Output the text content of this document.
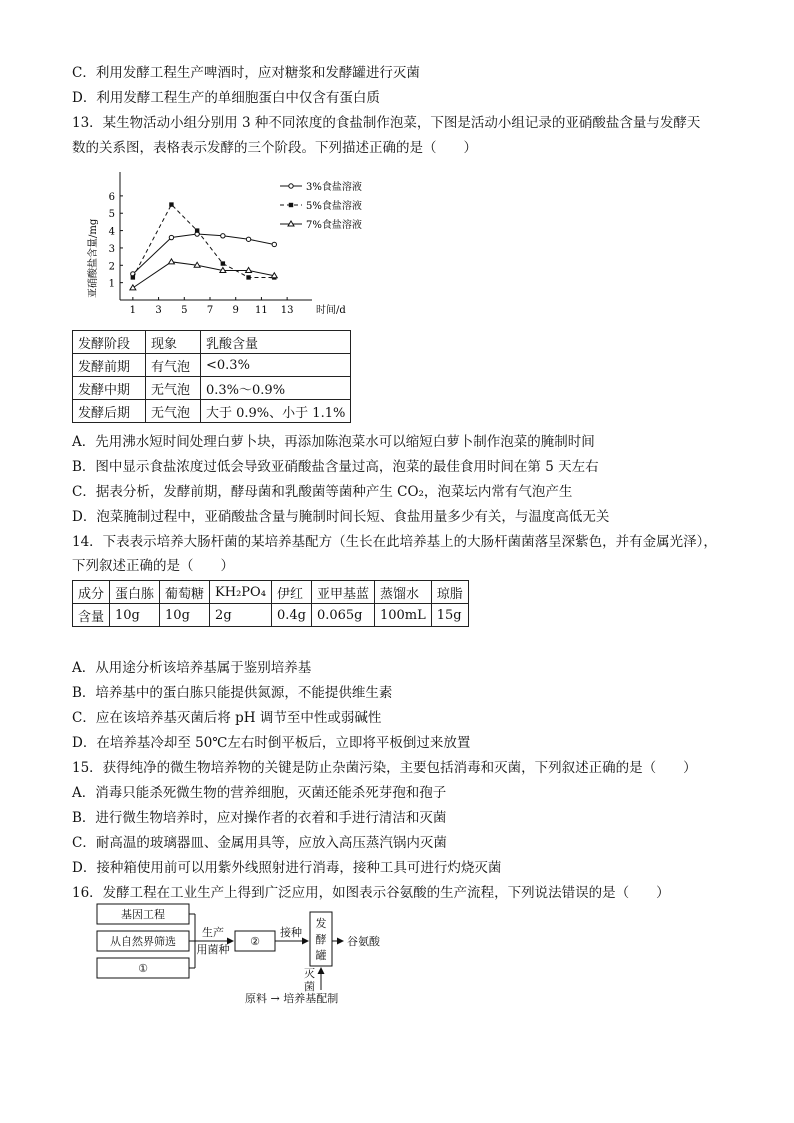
C．利用发酵工程生产啤酒时，应对糖浆和发酵罐进行灭菌
D．利用发酵工程生产的单细胞蛋白中仅含有蛋白质
13．某生物活动小组分别用 3 种不同浓度的食盐制作泡菜，下图是活动小组记录的亚硝酸盐含量与发酵天
数的关系图，表格表示发酵的三个阶段。下列描述正确的是（　　）
1 3 5 7 9 11 13
1
2
3
4
5
6
时间/d
亚硝酸盐含量/mg
3%食盐溶液
5%食盐溶液
7%食盐溶液
发酵阶段	现象	乳酸含量
发酵前期	有气泡	<0.3%
发酵中期	无气泡	0.3%～0.9%
发酵后期	无气泡	大于 0.9%、小于 1.1%
A．先用沸水短时间处理白萝卜块，再添加陈泡菜水可以缩短白萝卜制作泡菜的腌制时间
B．图中显示食盐浓度过低会导致亚硝酸盐含量过高，泡菜的最佳食用时间在第 5 天左右
C．据表分析，发酵前期，酵母菌和乳酸菌等菌种产生 CO₂，泡菜坛内常有气泡产生
D．泡菜腌制过程中，亚硝酸盐含量与腌制时间长短、食盐用量多少有关，与温度高低无关
14．下表表示培养大肠杆菌的某培养基配方（生长在此培养基上的大肠杆菌菌落呈深紫色，并有金属光泽），
下列叙述正确的是（　　）
成分	蛋白胨	葡萄糖	KH₂PO₄	伊红	亚甲基蓝	蒸馏水	琼脂
含量	10g	10g	2g	0.4g	0.065g	100mL	15g
A．从用途分析该培养基属于鉴别培养基
B．培养基中的蛋白胨只能提供氮源，不能提供维生素
C．应在该培养基灭菌后将 pH 调节至中性或弱碱性
D．在培养基冷却至 50℃左右时倒平板后，立即将平板倒过来放置
15．获得纯净的微生物培养物的关键是防止杂菌污染，主要包括消毒和灭菌，下列叙述正确的是（　　）
A．消毒只能杀死微生物的营养细胞，灭菌还能杀死芽孢和孢子
B．进行微生物培养时，应对操作者的衣着和手进行清洁和灭菌
C．耐高温的玻璃器皿、金属用具等，应放入高压蒸汽锅内灭菌
D．接种箱使用前可以用紫外线照射进行消毒，接种工具可进行灼烧灭菌
16．发酵工程在工业生产上得到广泛应用，如图表示谷氨酸的生产流程，下列说法错误的是（　　）
基因工程
从自然界筛选
①
生产
用菌种
②
接种
发
酵
罐
谷氨酸
灭
菌
原料 → 培养基配制
